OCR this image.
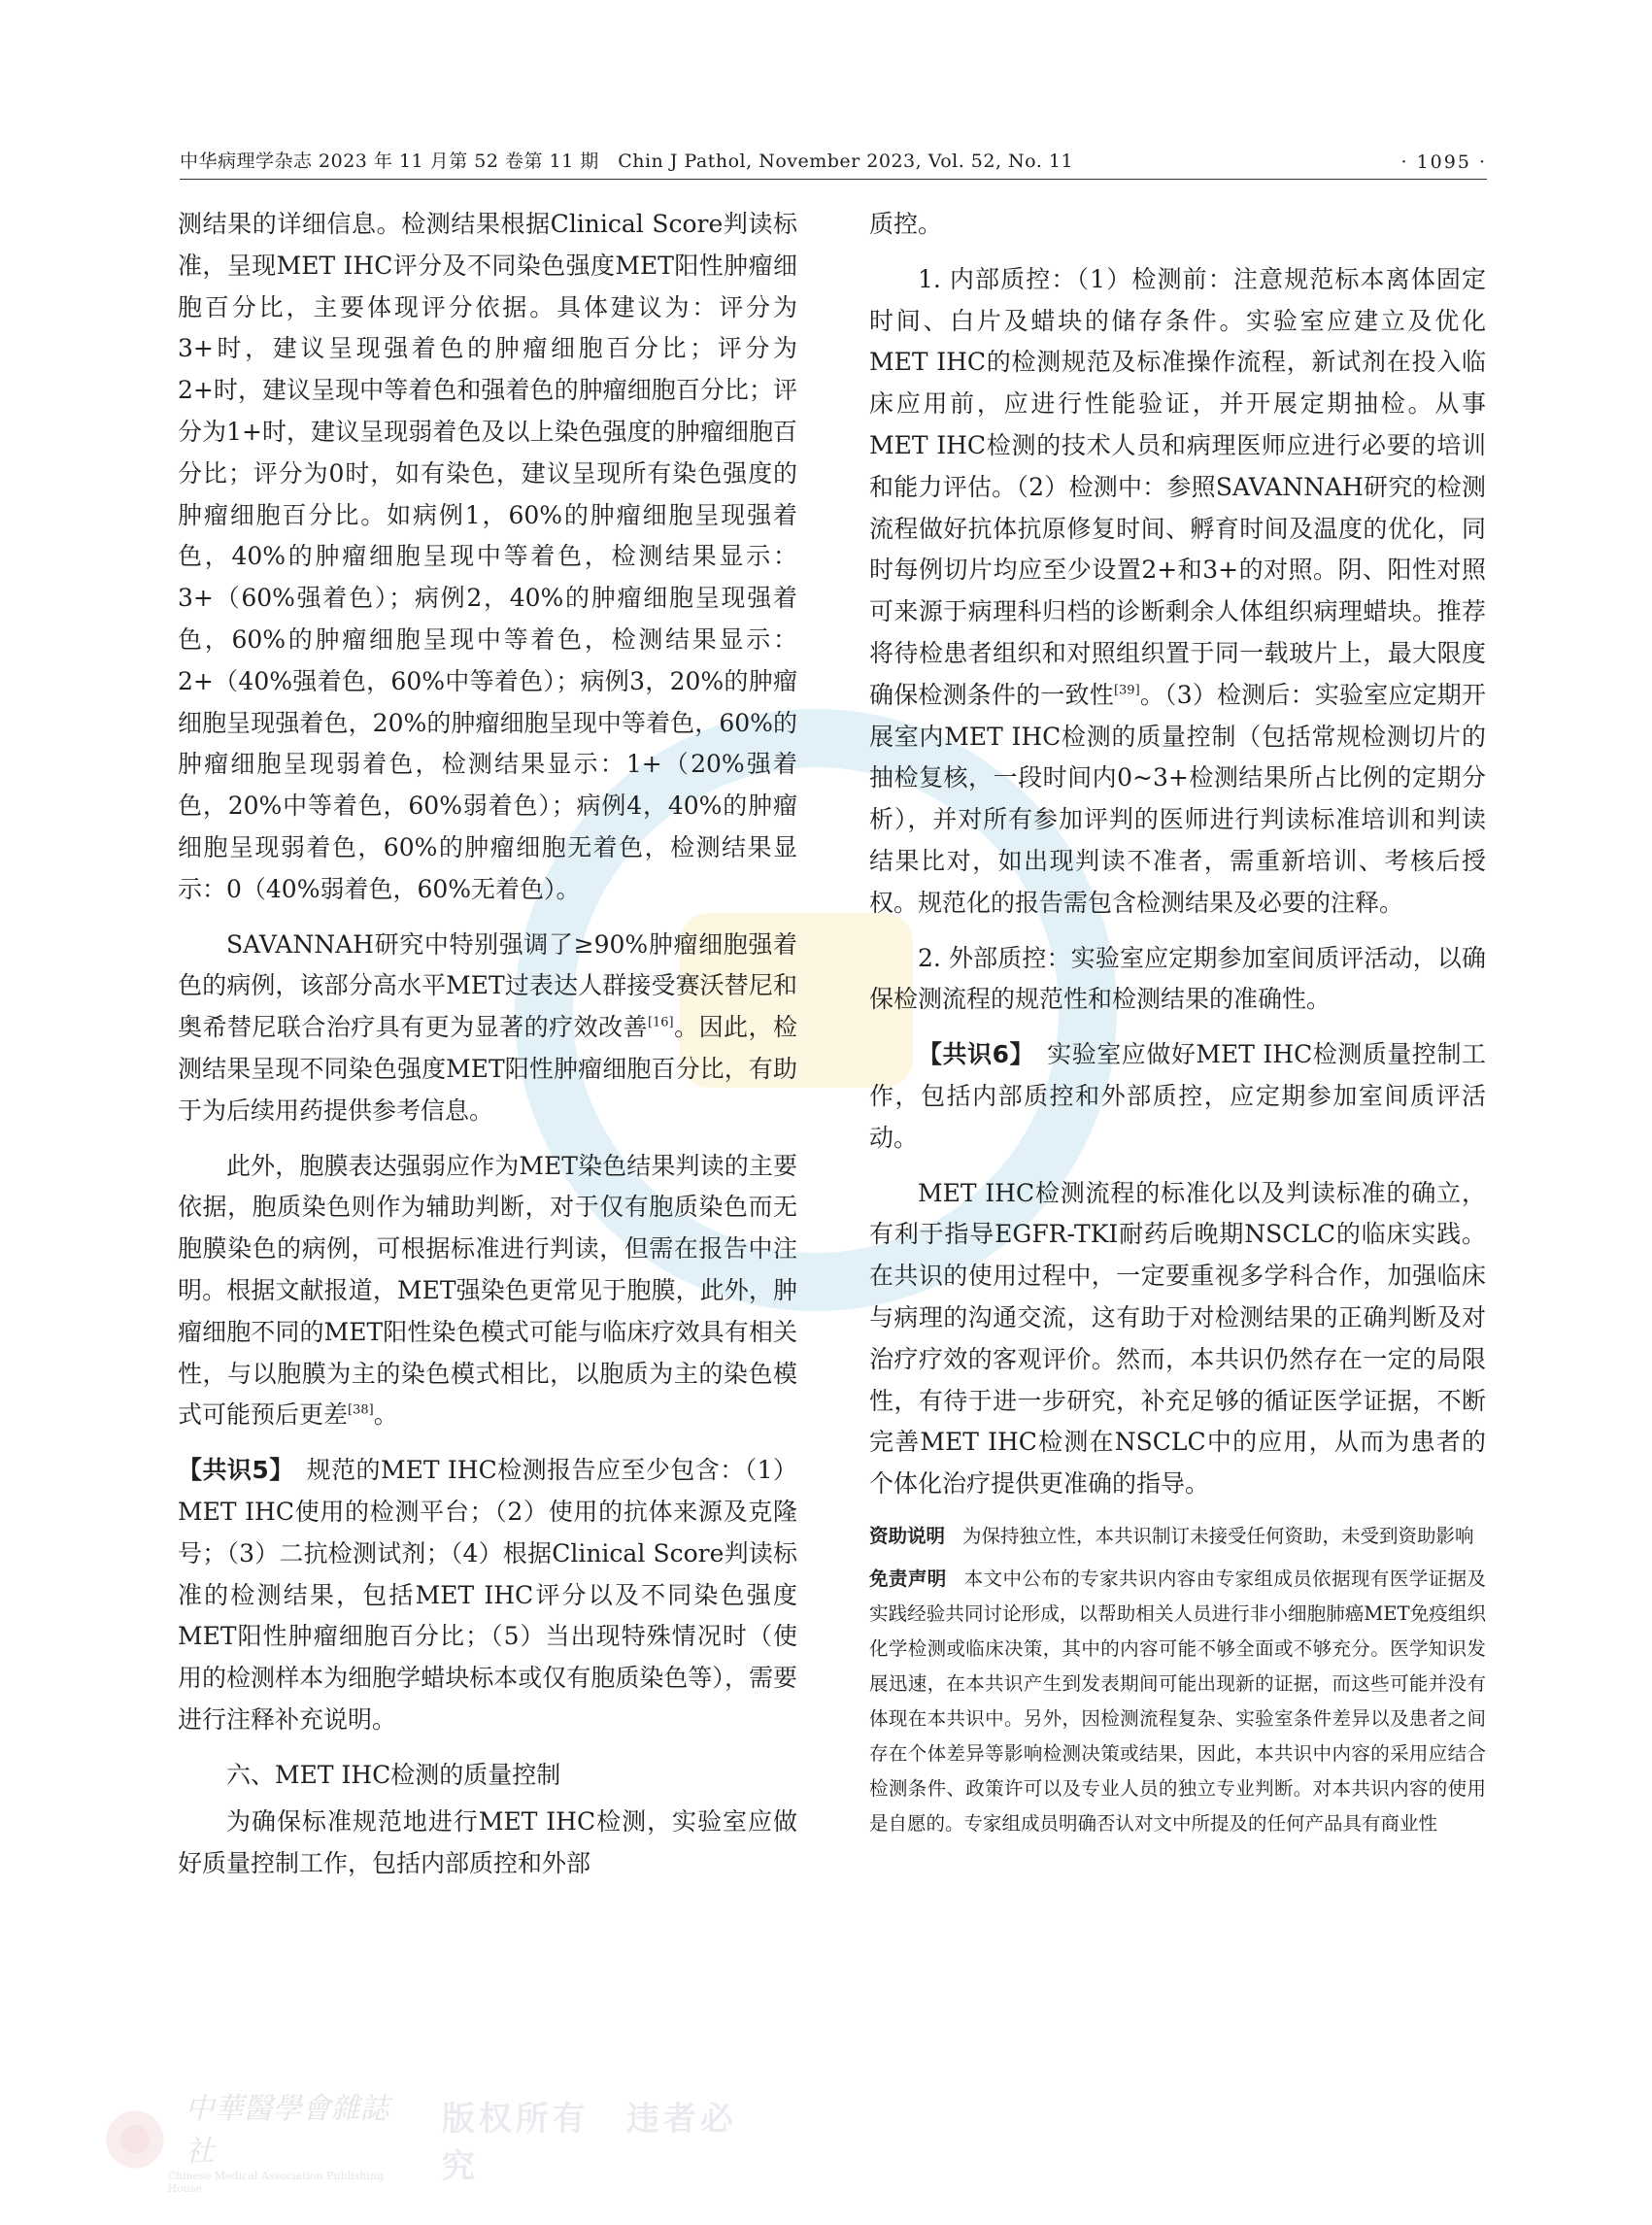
中华病理学杂志 2023 年 11 月第 52 卷第 11 期　Chin J Pathol, November 2023, Vol. 52, No. 11	· 1095 ·

测结果的详细信息。检测结果根据Clinical Score判读标准，呈现MET IHC评分及不同染色强度MET阳性肿瘤细胞百分比，主要体现评分依据。具体建议为：评分为3+时，建议呈现强着色的肿瘤细胞百分比；评分为2+时，建议呈现中等着色和强着色的肿瘤细胞百分比；评分为1+时，建议呈现弱着色及以上染色强度的肿瘤细胞百分比；评分为0时，如有染色，建议呈现所有染色强度的肿瘤细胞百分比。如病例1，60%的肿瘤细胞呈现强着色，40%的肿瘤细胞呈现中等着色，检测结果显示：3+（60%强着色）；病例2，40%的肿瘤细胞呈现强着色，60%的肿瘤细胞呈现中等着色，检测结果显示：2+（40%强着色，60%中等着色）；病例3，20%的肿瘤细胞呈现强着色，20%的肿瘤细胞呈现中等着色，60%的肿瘤细胞呈现弱着色，检测结果显示：1+（20%强着色，20%中等着色，60%弱着色）；病例4，40%的肿瘤细胞呈现弱着色，60%的肿瘤细胞无着色，检测结果显示：0（40%弱着色，60%无着色）。

SAVANNAH研究中特别强调了≥90%肿瘤细胞强着色的病例，该部分高水平MET过表达人群接受赛沃替尼和奥希替尼联合治疗具有更为显著的疗效改善[16]。因此，检测结果呈现不同染色强度MET阳性肿瘤细胞百分比，有助于为后续用药提供参考信息。

此外，胞膜表达强弱应作为MET染色结果判读的主要依据，胞质染色则作为辅助判断，对于仅有胞质染色而无胞膜染色的病例，可根据标准进行判读，但需在报告中注明。根据文献报道，MET强染色更常见于胞膜，此外，肿瘤细胞不同的MET阳性染色模式可能与临床疗效具有相关性，与以胞膜为主的染色模式相比，以胞质为主的染色模式可能预后更差[38]。

【共识5】　规范的MET IHC检测报告应至少包含：（1）MET IHC使用的检测平台；（2）使用的抗体来源及克隆号；（3）二抗检测试剂；（4）根据Clinical Score判读标准的检测结果，包括MET IHC评分以及不同染色强度MET阳性肿瘤细胞百分比；（5）当出现特殊情况时（使用的检测样本为细胞学蜡块标本或仅有胞质染色等），需要进行注释补充说明。

六、MET IHC检测的质量控制

为确保标准规范地进行MET IHC检测，实验室应做好质量控制工作，包括内部质控和外部

质控。

1. 内部质控：（1）检测前：注意规范标本离体固定时间、白片及蜡块的储存条件。实验室应建立及优化MET IHC的检测规范及标准操作流程，新试剂在投入临床应用前，应进行性能验证，并开展定期抽检。从事MET IHC检测的技术人员和病理医师应进行必要的培训和能力评估。（2）检测中：参照SAVANNAH研究的检测流程做好抗体抗原修复时间、孵育时间及温度的优化，同时每例切片均应至少设置2+和3+的对照。阴、阳性对照可来源于病理科归档的诊断剩余人体组织病理蜡块。推荐将待检患者组织和对照组织置于同一载玻片上，最大限度确保检测条件的一致性[39]。（3）检测后：实验室应定期开展室内MET IHC检测的质量控制（包括常规检测切片的抽检复核，一段时间内0~3+检测结果所占比例的定期分析），并对所有参加评判的医师进行判读标准培训和判读结果比对，如出现判读不准者，需重新培训、考核后授权。规范化的报告需包含检测结果及必要的注释。

2. 外部质控：实验室应定期参加室间质评活动，以确保检测流程的规范性和检测结果的准确性。

【共识6】　实验室应做好MET IHC检测质量控制工作，包括内部质控和外部质控，应定期参加室间质评活动。

MET IHC检测流程的标准化以及判读标准的确立，有利于指导EGFR-TKI耐药后晚期NSCLC的临床实践。在共识的使用过程中，一定要重视多学科合作，加强临床与病理的沟通交流，这有助于对检测结果的正确判断及对治疗疗效的客观评价。然而，本共识仍然存在一定的局限性，有待于进一步研究，补充足够的循证医学证据，不断完善MET IHC检测在NSCLC中的应用，从而为患者的个体化治疗提供更准确的指导。

资助说明 为保持独立性，本共识制订未接受任何资助，未受到资助影响

免责声明 本文中公布的专家共识内容由专家组成员依据现有医学证据及实践经验共同讨论形成，以帮助相关人员进行非小细胞肺癌MET免疫组织化学检测或临床决策，其中的内容可能不够全面或不够充分。医学知识发展迅速，在本共识产生到发表期间可能出现新的证据，而这些可能并没有体现在本共识中。另外，因检测流程复杂、实验室条件差异以及患者之间存在个体差异等影响检测决策或结果，因此，本共识中内容的采用应结合检测条件、政策许可以及专业人员的独立专业判断。对本共识内容的使用是自愿的。专家组成员明确否认对文中所提及的任何产品具有商业性

中華醫學會雜誌社
Chinese Medical Association Publishing House
版权所有　违者必究
